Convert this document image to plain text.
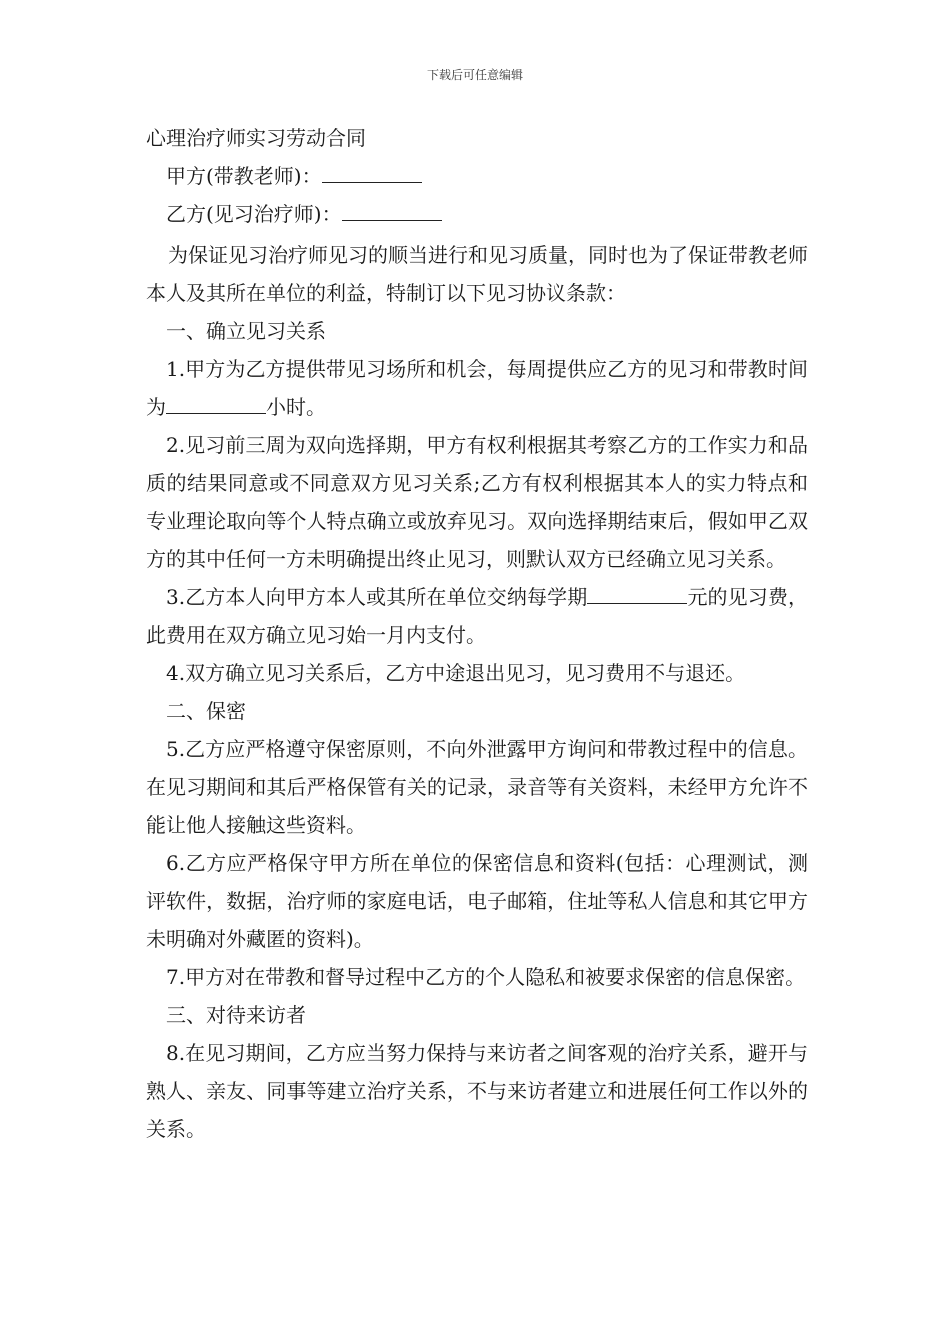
下载后可任意编辑

心理治疗师实习劳动合同

甲方(带教老师)：

乙方(见习治疗师)：

为保证见习治疗师见习的顺当进行和见习质量，同时也为了保证带教老师本人及其所在单位的利益，特制订以下见习协议条款：

一、确立见习关系

1.甲方为乙方提供带见习场所和机会，每周提供应乙方的见习和带教时间为	小时。

2.见习前三周为双向选择期，甲方有权利根据其考察乙方的工作实力和品质的结果同意或不同意双方见习关系;乙方有权利根据其本人的实力特点和专业理论取向等个人特点确立或放弃见习。双向选择期结束后，假如甲乙双方的其中任何一方未明确提出终止见习，则默认双方已经确立见习关系。

3.乙方本人向甲方本人或其所在单位交纳每学期	元的见习费，此费用在双方确立见习始一月内支付。

4.双方确立见习关系后，乙方中途退出见习，见习费用不与退还。

二、保密

5.乙方应严格遵守保密原则，不向外泄露甲方询问和带教过程中的信息。在见习期间和其后严格保管有关的记录，录音等有关资料，未经甲方允许不能让他人接触这些资料。

6.乙方应严格保守甲方所在单位的保密信息和资料(包括：心理测试，测评软件，数据，治疗师的家庭电话，电子邮箱，住址等私人信息和其它甲方未明确对外藏匿的资料)。

7.甲方对在带教和督导过程中乙方的个人隐私和被要求保密的信息保密。

三、对待来访者

8.在见习期间，乙方应当努力保持与来访者之间客观的治疗关系，避开与熟人、亲友、同事等建立治疗关系，不与来访者建立和进展任何工作以外的关系。
